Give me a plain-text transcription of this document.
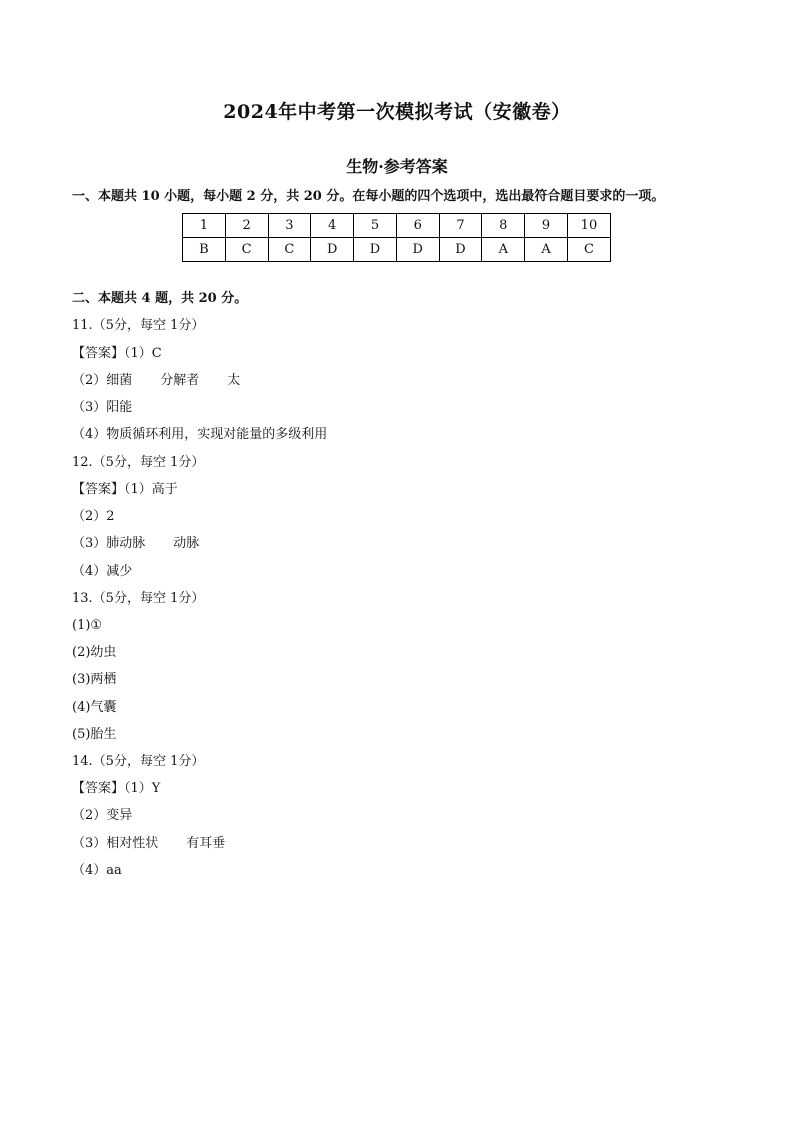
2024年中考第一次模拟考试（安徽卷）
生物·参考答案
一、本题共 10 小题，每小题 2 分，共 20 分。在每小题的四个选项中，选出最符合题目要求的一项。
1	2	3	4	5	6	7	8	9	10
B	C	C	D	D	D	D	A	A	C
二、本题共 4 题，共 20 分。
11.（5分，每空 1分）
【答案】（1）C
（2）细菌 分解者 太
（3）阳能
（4）物质循环利用，实现对能量的多级利用
12.（5分，每空 1分）
【答案】（1）高于
（2）2
（3）肺动脉 动脉
（4）减少
13.（5分，每空 1分）
(1)①
(2)幼虫
(3)两栖
(4)气囊
(5)胎生
14.（5分，每空 1分）
【答案】（1）Y
（2）变异
（3）相对性状 有耳垂
（4）aa
